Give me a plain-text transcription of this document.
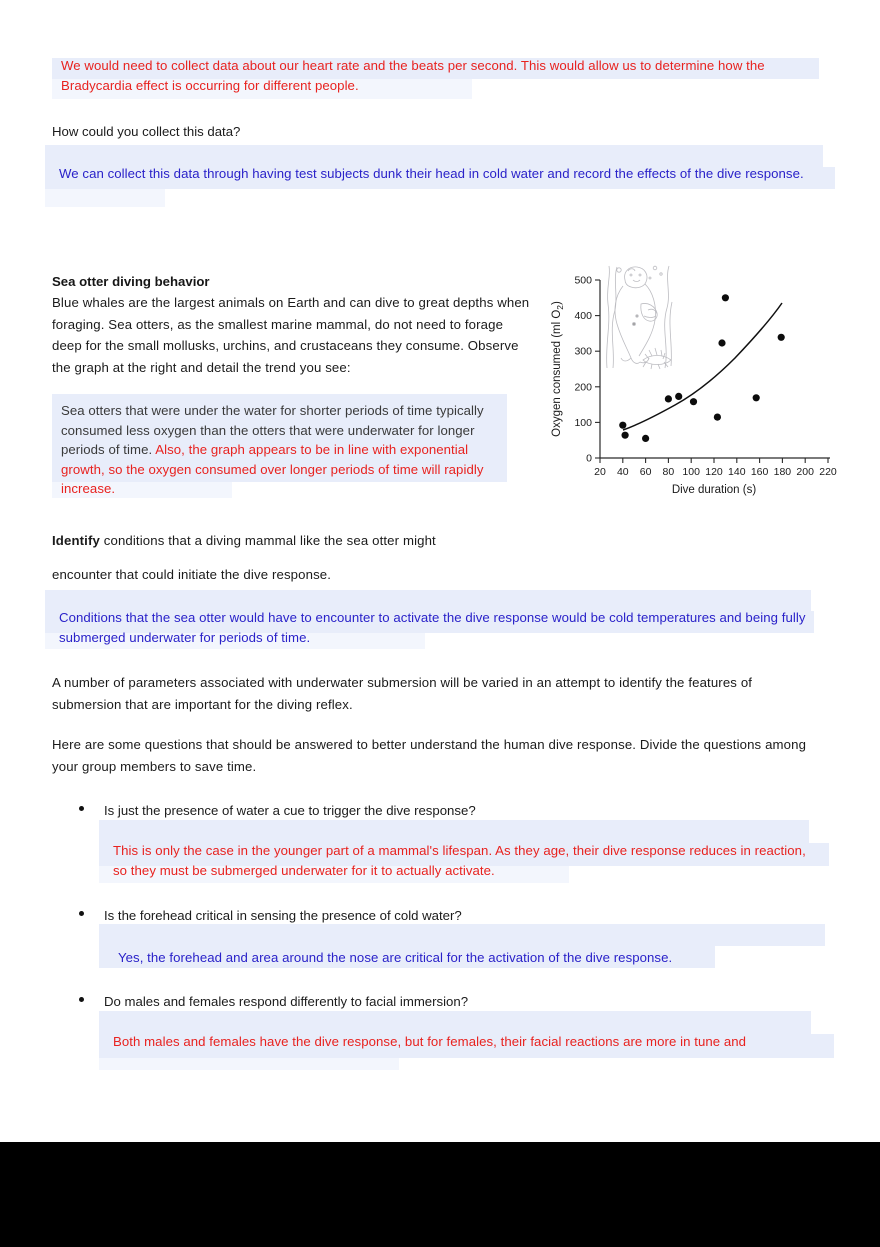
We would need to collect data about our heart rate and the beats per second. This would allow us to determine how the Bradycardia effect is occurring for different people.
How could you collect this data?
We can collect this data through having test subjects dunk their head in cold water and record the effects of the dive response.
Sea otter diving behavior
Blue whales are the largest animals on Earth and can dive to great depths when foraging. Sea otters, as the smallest marine mammal, do not need to forage deep for the small mollusks, urchins, and crustaceans they consume. Observe the graph at the right and detail the trend you see:
Sea otters that were under the water for shorter periods of time typically consumed less oxygen than the otters that were underwater for longer periods of time. Also, the graph appears to be in line with exponential growth, so the oxygen consumed over longer periods of time will rapidly increase.
0
100
200
300
400
500
20 40 60 80 100 120 140 160 180 200 220
Dive duration (s)
Oxygen consumed (ml $O_2$)
Identify conditions that a diving mammal like the sea otter might
encounter that could initiate the dive response.
Conditions that the sea otter would have to encounter to activate the dive response would be cold temperatures and being fully submerged underwater for periods of time.
A number of parameters associated with underwater submersion will be varied in an attempt to identify the features of submersion that are important for the diving reflex.
Here are some questions that should be answered to better understand the human dive response. Divide the questions among your group members to save time.
Is just the presence of water a cue to trigger the dive response?
This is only the case in the younger part of a mammal's lifespan. As they age, their dive response reduces in reaction, so they must be submerged underwater for it to actually activate.
Is the forehead critical in sensing the presence of cold water?
Yes, the forehead and area around the nose are critical for the activation of the dive response.
Do males and females respond differently to facial immersion?
Both males and females have the dive response, but for females, their facial reactions are more in tune and
